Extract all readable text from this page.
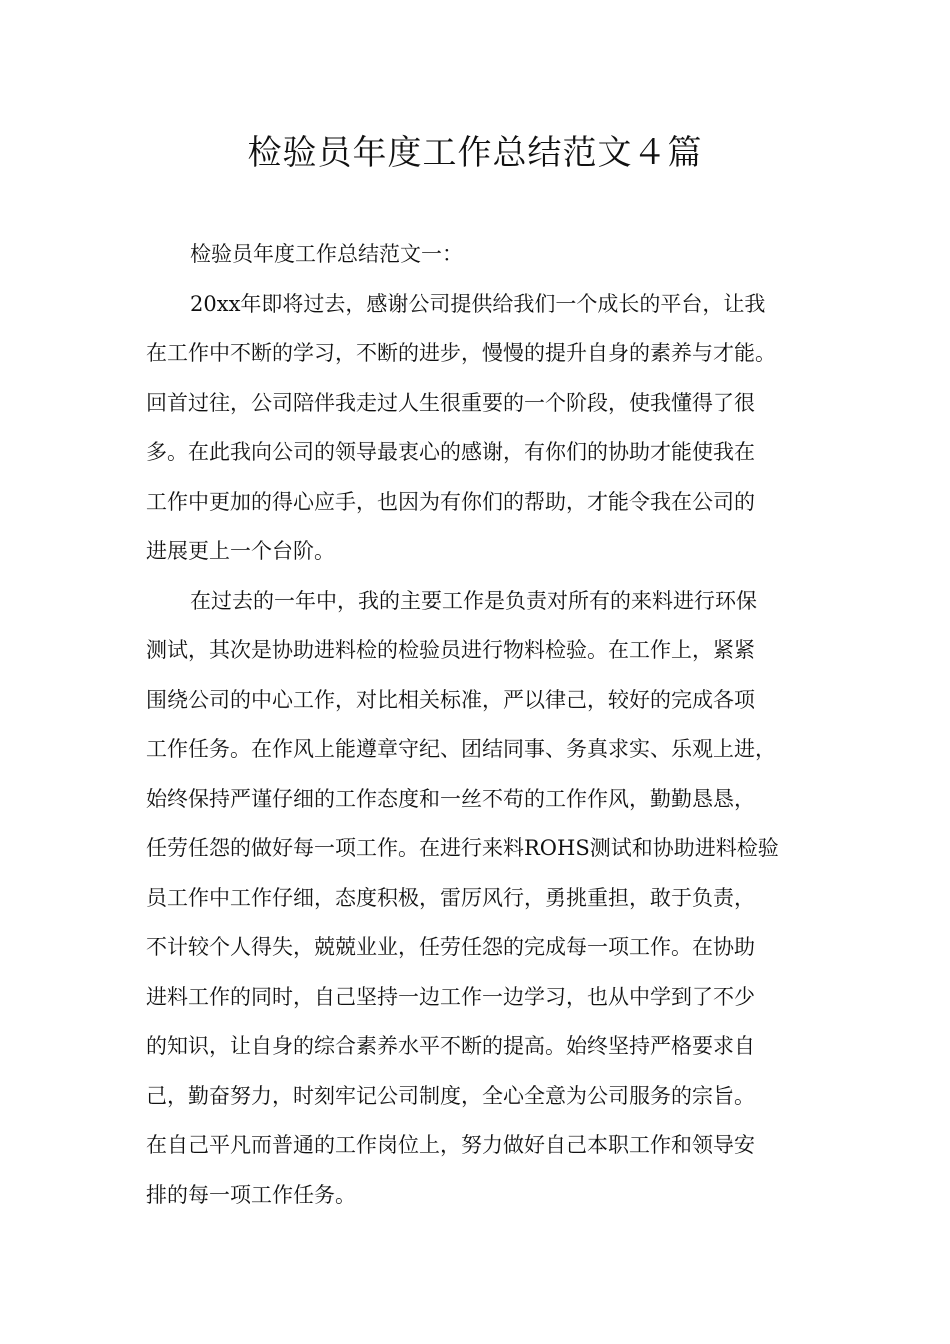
检验员年度工作总结范文４篇
检验员年度工作总结范文一：
20xx年即将过去，感谢公司提供给我们一个成长的平台，让我
在工作中不断的学习，不断的进步，慢慢的提升自身的素养与才能。
回首过往，公司陪伴我走过人生很重要的一个阶段，使我懂得了很
多。在此我向公司的领导最衷心的感谢，有你们的协助才能使我在
工作中更加的得心应手，也因为有你们的帮助，才能令我在公司的
进展更上一个台阶。
在过去的一年中，我的主要工作是负责对所有的来料进行环保
测试，其次是协助进料检的检验员进行物料检验。在工作上，紧紧
围绕公司的中心工作，对比相关标准，严以律己，较好的完成各项
工作任务。在作风上能遵章守纪、团结同事、务真求实、乐观上进，
始终保持严谨仔细的工作态度和一丝不苟的工作作风，勤勤恳恳，
任劳任怨的做好每一项工作。在进行来料ROHS测试和协助进料检验
员工作中工作仔细，态度积极，雷厉风行，勇挑重担，敢于负责，
不计较个人得失，兢兢业业，任劳任怨的完成每一项工作。在协助
进料工作的同时，自己坚持一边工作一边学习，也从中学到了不少
的知识，让自身的综合素养水平不断的提高。始终坚持严格要求自
己，勤奋努力，时刻牢记公司制度，全心全意为公司服务的宗旨。
在自己平凡而普通的工作岗位上，努力做好自己本职工作和领导安
排的每一项工作任务。
